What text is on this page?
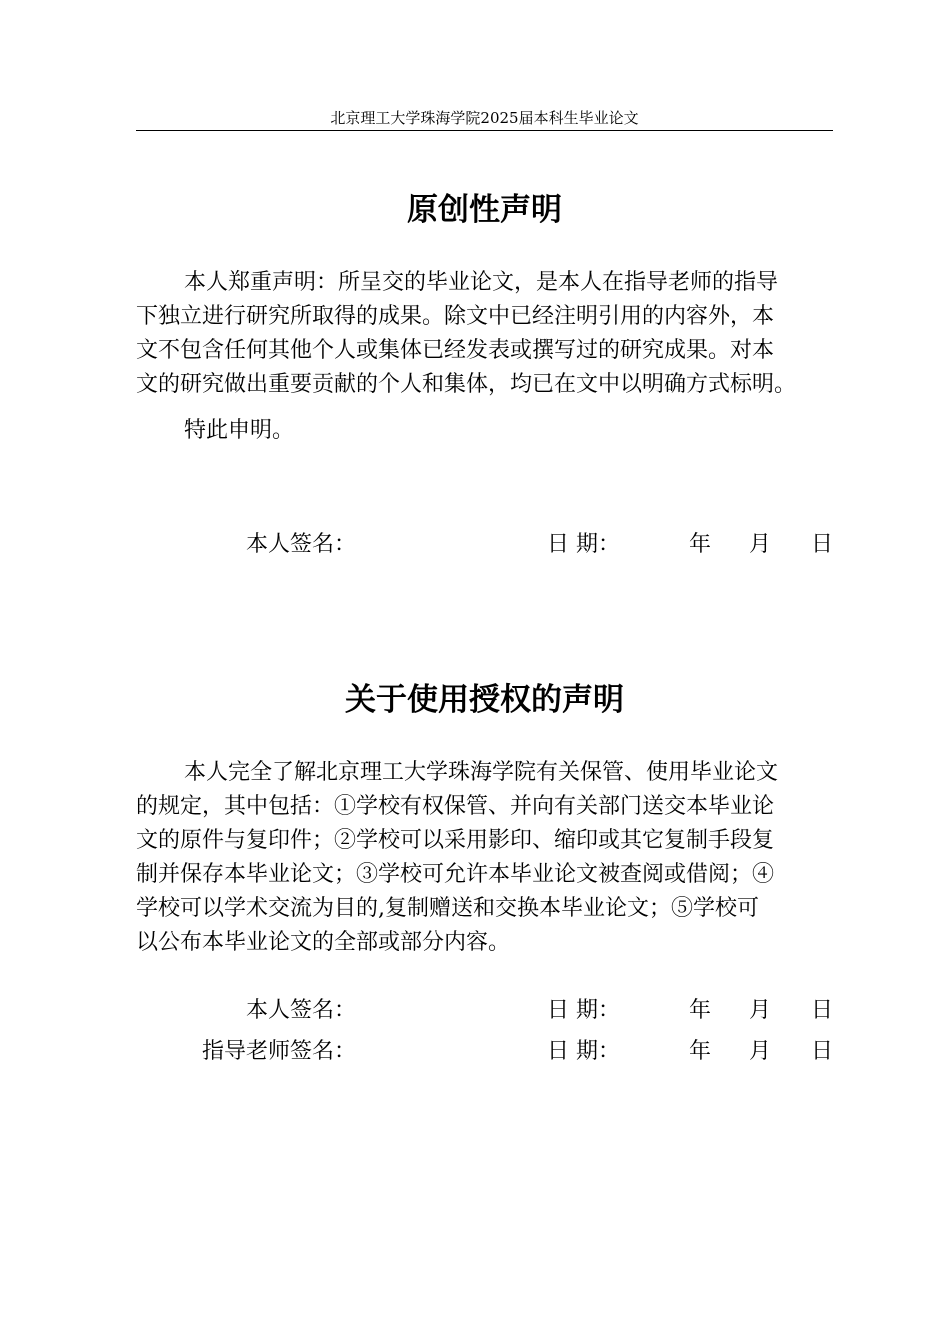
北京理工大学珠海学院2025届本科生毕业论文
原创性声明

本人郑重声明：所呈交的毕业论文，是本人在指导老师的指导
下独立进行研究所取得的成果。除文中已经注明引用的内容外，本
文不包含任何其他个人或集体已经发表或撰写过的研究成果。对本
文的研究做出重要贡献的个人和集体，均已在文中以明确方式标明。

特此申明。

本人签名：	日 期：	年 月 日
关于使用授权的声明

本人完全了解北京理工大学珠海学院有关保管、使用毕业论文
的规定，其中包括：①学校有权保管、并向有关部门送交本毕业论
文的原件与复印件；②学校可以采用影印、缩印或其它复制手段复
制并保存本毕业论文；③学校可允许本毕业论文被查阅或借阅；④
学校可以学术交流为目的,复制赠送和交换本毕业论文；⑤学校可
以公布本毕业论文的全部或部分内容。

本人签名：	日 期：	年 月 日
指导老师签名：	日 期：	年 月 日
